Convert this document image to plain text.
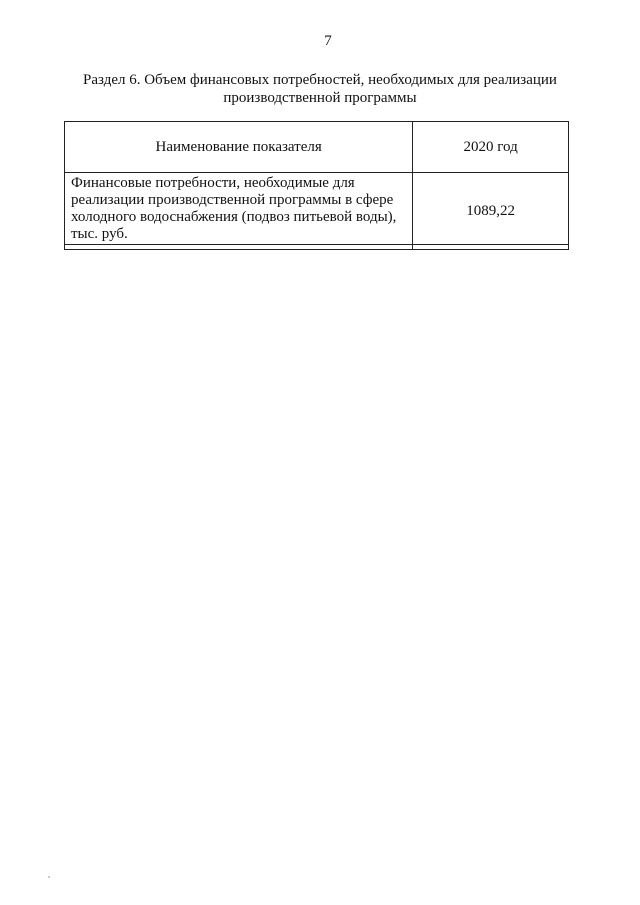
7
Раздел 6. Объем финансовых потребностей, необходимых для реализации
производственной программы
Наименование показателя	2020 год
Финансовые потребности, необходимые для реализации производственной программы в сфере холодного водоснабжения (подвоз питьевой воды), тыс. руб.	1089,22
